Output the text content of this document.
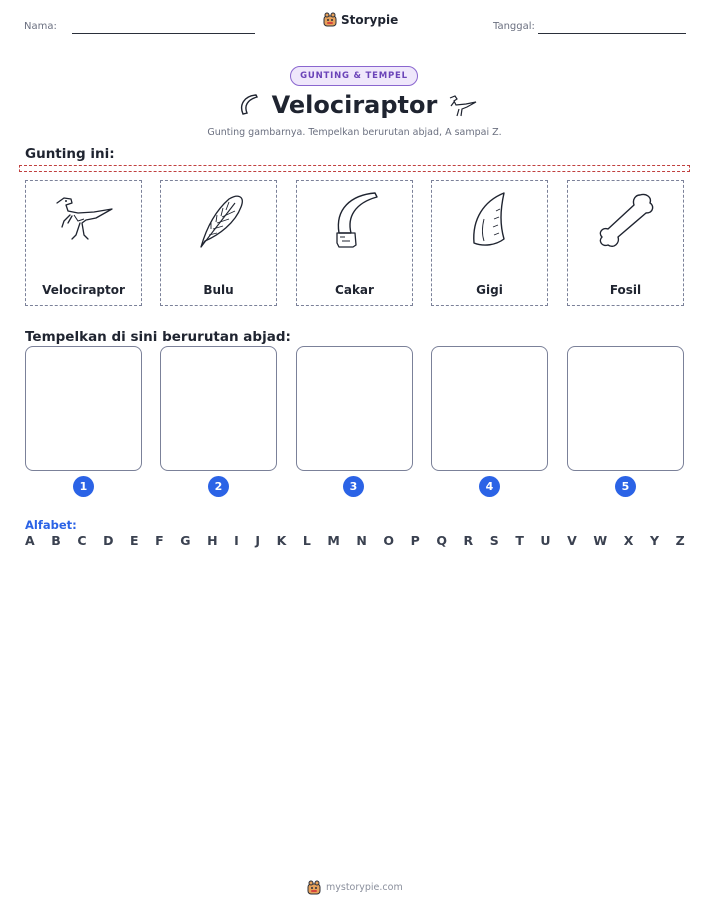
Nama:	Storypie	Tanggal:
GUNTING & TEMPEL
Velociraptor
Gunting gambarnya. Tempelkan berurutan abjad, A sampai Z.
Gunting ini:
Velociraptor	Bulu	Cakar	Gigi	Fosil
Tempelkan di sini berurutan abjad:
1	2	3	4	5
Alfabet:
A B C D E F G H I J K L M N O P Q R S T U V W X Y Z
mystorypie.com
